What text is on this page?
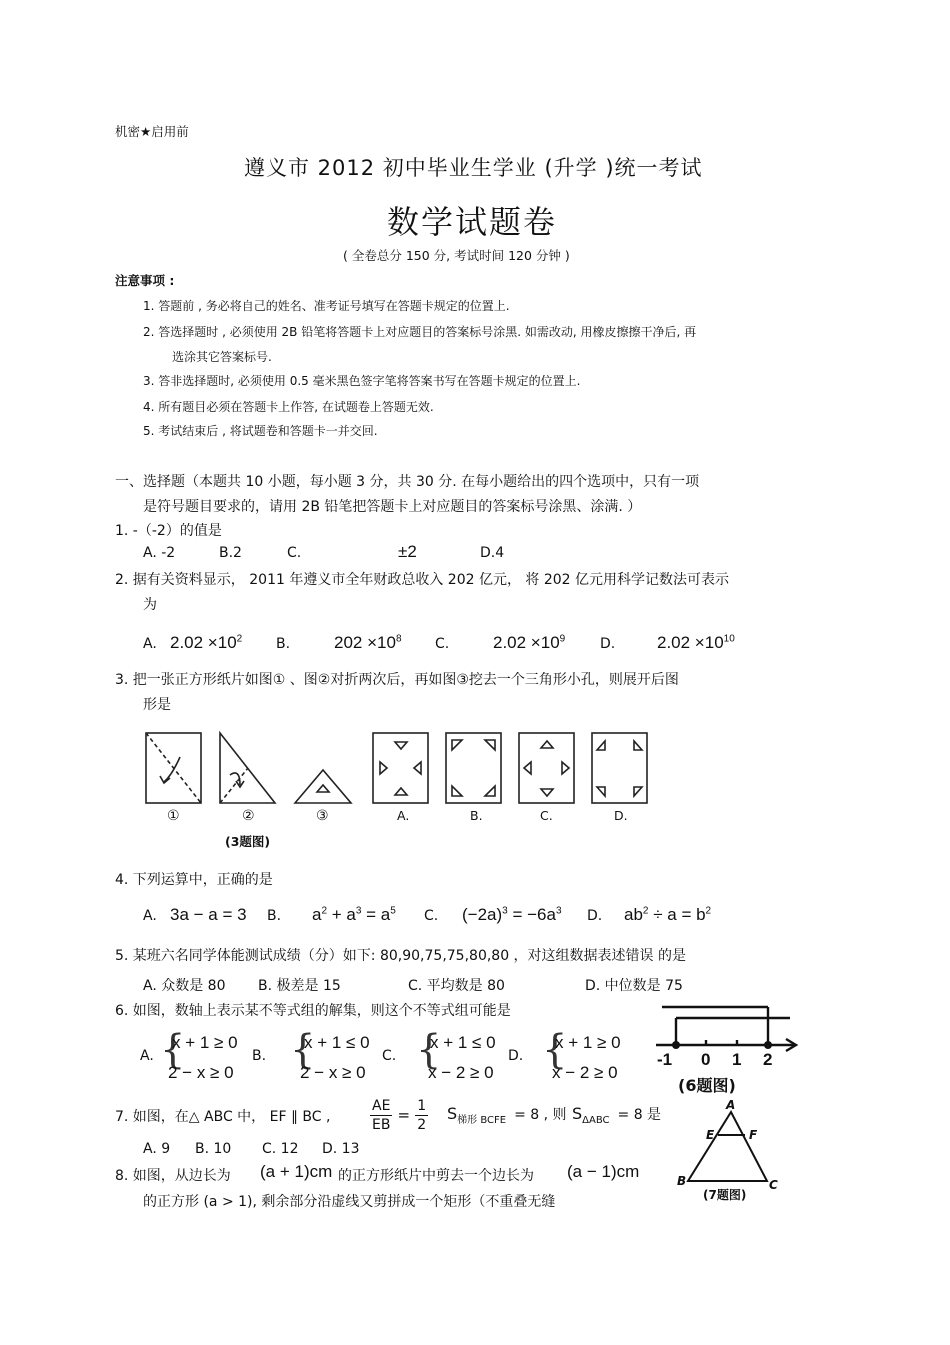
机密★启用前
遵义市 2012 初中毕业生学业 (升学 )统一考试
数学试题卷
( 全卷总分 150 分, 考试时间 120 分钟 )
注意事项 :
1. 答题前 , 务必将自己的姓名、准考证号填写在答题卡规定的位置上.
2. 答选择题时 , 必须使用 2B 铅笔将答题卡上对应题目的答案标号涂黑. 如需改动, 用橡皮擦擦干净后, 再
选涂其它答案标号.
3. 答非选择题时, 必须使用 0.5 毫米黑色签字笔将答案书写在答题卡规定的位置上.
4. 所有题目必须在答题卡上作答, 在试题卷上答题无效.
5. 考试结束后 , 将试题卷和答题卡一并交回.
一、选择题（本题共 10 小题，每小题 3 分，共 30 分. 在每小题给出的四个选项中，只有一项
是符号题目要求的，请用 2B 铅笔把答题卡上对应题目的答案标号涂黑、涂满. ）
1. -（-2）的值是
A. -2	B.2	C.	±2	D.4
2. 据有关资料显示， 2011 年遵义市全年财政总收入 202 亿元， 将 202 亿元用科学记数法可表示
为
A. $2.02 \times 10^2$ B.	$202 \times 10^8$ C.	$2.02 \times 10^9$ D. $2.02 \times 10^{10}$
3. 把一张正方形纸片如图① 、图②对折两次后，再如图③挖去一个三角形小孔，则展开后图
形是
①	②	③	A.	B.	C.	D.
(3题图)
4. 下列运算中，正确的是
A. 3a − a = 3 B. $a^2 + a^3 = a^5$ C. $(-2a)^3 = -6a^3$ D. $ab^2 \div a = b^2$
5. 某班六名同学体能测试成绩（分）如下: 80,90,75,75,80,80 ，对这组数据表述错误 的是
A. 众数是 80 B. 极差是 15	C. 平均数是 80	D. 中位数是 75
6. 如图，数轴上表示某不等式组的解集，则这个不等式组可能是
A. {
x + 1 ≥ 0
2 − x ≥ 0
B. {
x + 1 ≤ 0
2 − x ≥ 0
C. {
x + 1 ≤ 0
x − 2 ≥ 0
D. {
x + 1 ≥ 0
x − 2 ≥ 0
-1 0 1 2
(6题图)
7. 如图，在△ ABC 中， EF ∥ BC ,	$\frac{AE}{EB} = \frac{1}{2} S_{梯形 BCFE} = 8$ , 则 $S_{\Delta ABC} = 8$ 是
A. 9 B. 10 C. 12 D. 13
A
E	F
B	C
(7题图)
8. 如图，从边长为 (a + 1)cm 的正方形纸片中剪去一个边长为 (a − 1)cm
的正方形 (a > 1), 剩余部分沿虚线又剪拼成一个矩形（不重叠无缝
